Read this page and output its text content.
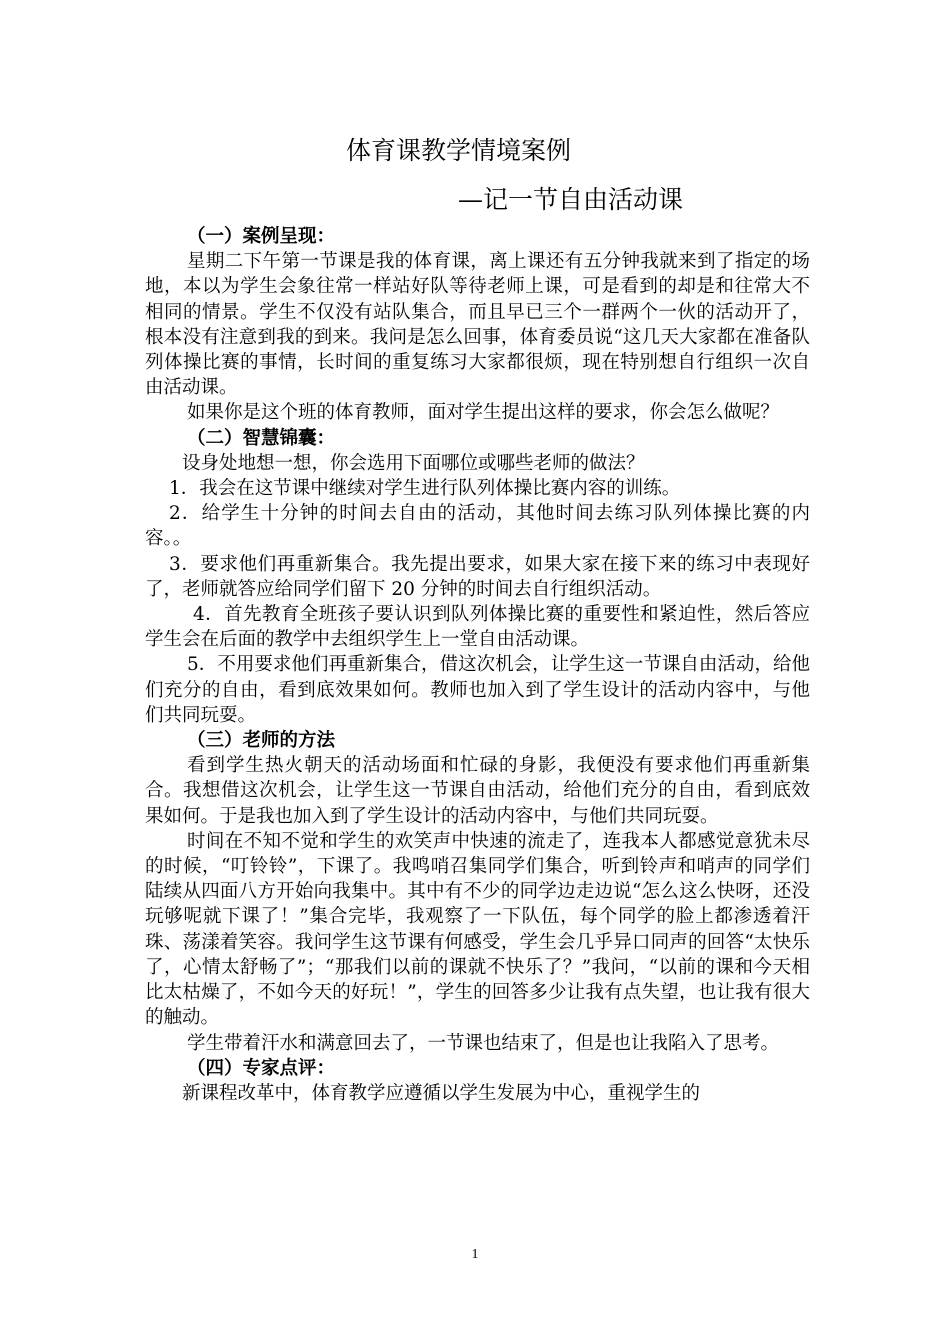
体育课教学情境案例
—记一节自由活动课

（一）案例呈现：

星期二下午第一节课是我的体育课，离上课还有五分钟我就来到了指定的场地，本以为学生会象往常一样站好队等待老师上课，可是看到的却是和往常大不相同的情景。学生不仅没有站队集合，而且早已三个一群两个一伙的活动开了，根本没有注意到我的到来。我问是怎么回事，体育委员说“这几天大家都在准备队列体操比赛的事情，长时间的重复练习大家都很烦，现在特别想自行组织一次自由活动课。

如果你是这个班的体育教师，面对学生提出这样的要求，你会怎么做呢？

（二）智慧锦囊：

设身处地想一想，你会选用下面哪位或哪些老师的做法？

1．我会在这节课中继续对学生进行队列体操比赛内容的训练。

2．给学生十分钟的时间去自由的活动，其他时间去练习队列体操比赛的内容。。

3．要求他们再重新集合。我先提出要求，如果大家在接下来的练习中表现好了，老师就答应给同学们留下 20 分钟的时间去自行组织活动。

4．首先教育全班孩子要认识到队列体操比赛的重要性和紧迫性，然后答应学生会在后面的教学中去组织学生上一堂自由活动课。

5．不用要求他们再重新集合，借这次机会，让学生这一节课自由活动，给他们充分的自由，看到底效果如何。教师也加入到了学生设计的活动内容中，与他们共同玩耍。

（三）老师的方法

看到学生热火朝天的活动场面和忙碌的身影，我便没有要求他们再重新集合。我想借这次机会，让学生这一节课自由活动，给他们充分的自由，看到底效果如何。于是我也加入到了学生设计的活动内容中，与他们共同玩耍。

时间在不知不觉和学生的欢笑声中快速的流走了，连我本人都感觉意犹未尽的时候，“叮铃铃”，下课了。我鸣哨召集同学们集合，听到铃声和哨声的同学们陆续从四面八方开始向我集中。其中有不少的同学边走边说“怎么这么快呀，还没玩够呢就下课了！”集合完毕，我观察了一下队伍，每个同学的脸上都渗透着汗珠、荡漾着笑容。我问学生这节课有何感受，学生会几乎异口同声的回答“太快乐了，心情太舒畅了”；“那我们以前的课就不快乐了？”我问，“以前的课和今天相比太枯燥了，不如今天的好玩！”，学生的回答多少让我有点失望，也让我有很大的触动。

学生带着汗水和满意回去了，一节课也结束了，但是也让我陷入了思考。

（四）专家点评：

新课程改革中，体育教学应遵循以学生发展为中心，重视学生的

1
